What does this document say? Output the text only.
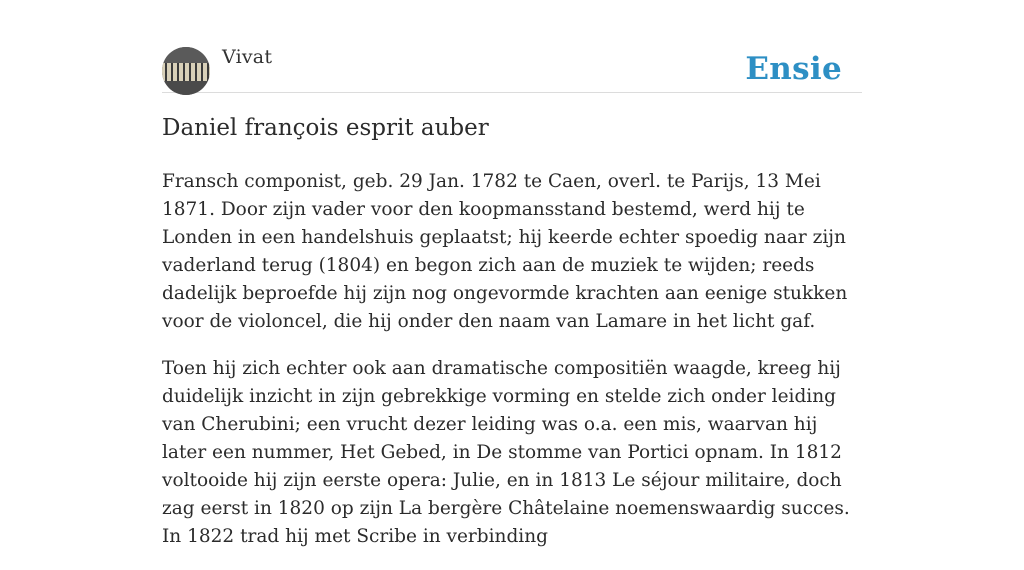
Vivat	Ensie
Daniel françois esprit auber

Fransch componist, geb. 29 Jan. 1782 te Caen, overl. te Parijs, 13 Mei 1871. Door zijn vader voor den koopmansstand bestemd, werd hij te Londen in een handelshuis geplaatst; hij keerde echter spoedig naar zijn vaderland terug (1804) en begon zich aan de muziek te wijden; reeds dadelijk beproefde hij zijn nog ongevormde krachten aan eenige stukken voor de violoncel, die hij onder den naam van Lamare in het licht gaf.

Toen hij zich echter ook aan dramatische compositiën waagde, kreeg hij duidelijk inzicht in zijn gebrekkige vorming en stelde zich onder leiding van Cherubini; een vrucht dezer leiding was o.a. een mis, waarvan hij later een nummer, Het Gebed, in De stomme van Portici opnam. In 1812 voltooide hij zijn eerste opera: Julie, en in 1813 Le séjour militaire, doch zag eerst in 1820 op zijn La bergère Châtelaine noemenswaardig succes. In 1822 trad hij met Scribe in verbinding
